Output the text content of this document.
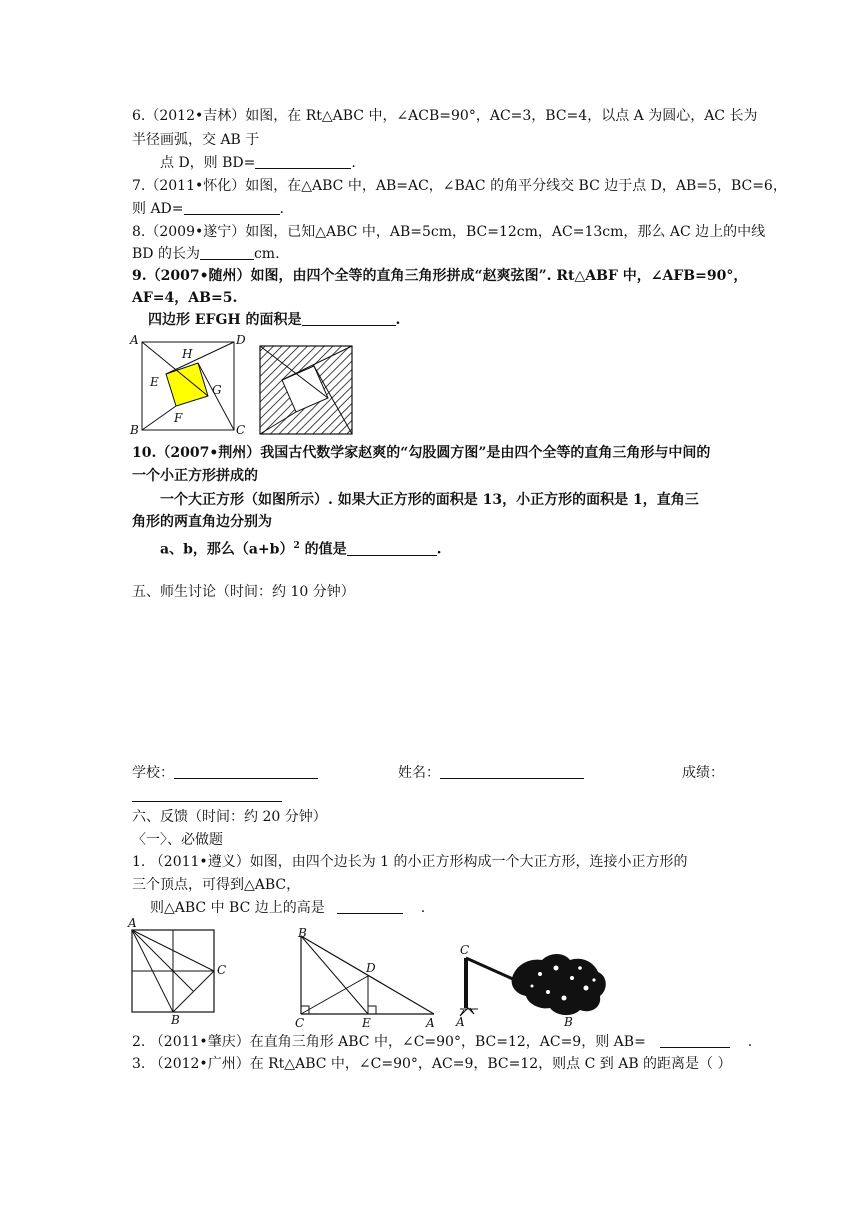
6.（2012•吉林）如图，在 Rt△ABC 中，∠ACB=90°，AC=3，BC=4，以点 A 为圆心，AC 长为
半径画弧，交 AB 于
点 D，则 BD=	.
7.（2011•怀化）如图，在△ABC 中，AB=AC，∠BAC 的角平分线交 BC 边于点 D，AB=5，BC=6，
则 AD=	.
8.（2009•遂宁）如图，已知△ABC 中，AB=5cm，BC=12cm，AC=13cm，那么 AC 边上的中线
BD 的长为	cm.
9.（2007•随州）如图，由四个全等的直角三角形拼成“赵爽弦图”. Rt△ABF 中，∠AFB=90°，
AF=4，AB=5.
四边形 EFGH 的面积是	.
A	D
H
E
G
F
B	C
10.（2007•荆州）我国古代数学家赵爽的“勾股圆方图”是由四个全等的直角三角形与中间的
一个小正方形拼成的
一个大正方形（如图所示）. 如果大正方形的面积是 13，小正方形的面积是 1，直角三
角形的两直角边分别为
a、b，那么$(a+b)^2$ 的值是	.
五、师生讨论（时间：约 10 分钟）
学校：	姓名：	成绩：
六、反馈（时间：约 20 分钟）
〈一〉、必做题
1. （2011•遵义）如图，由四个边长为 1 的小正方形构成一个大正方形，连接小正方形的
三个顶点，可得到△ABC，
则△ABC 中 BC 边上的高是	.
A
C
B
B
D
C	E	A
C
A	B
2. （2011•肇庆）在直角三角形 ABC 中，∠C=90°，BC=12，AC=9，则 AB=	.
3. （2012•广州）在 Rt△ABC 中，∠C=90°，AC=9，BC=12，则点 C 到 AB 的距离是（ ）
